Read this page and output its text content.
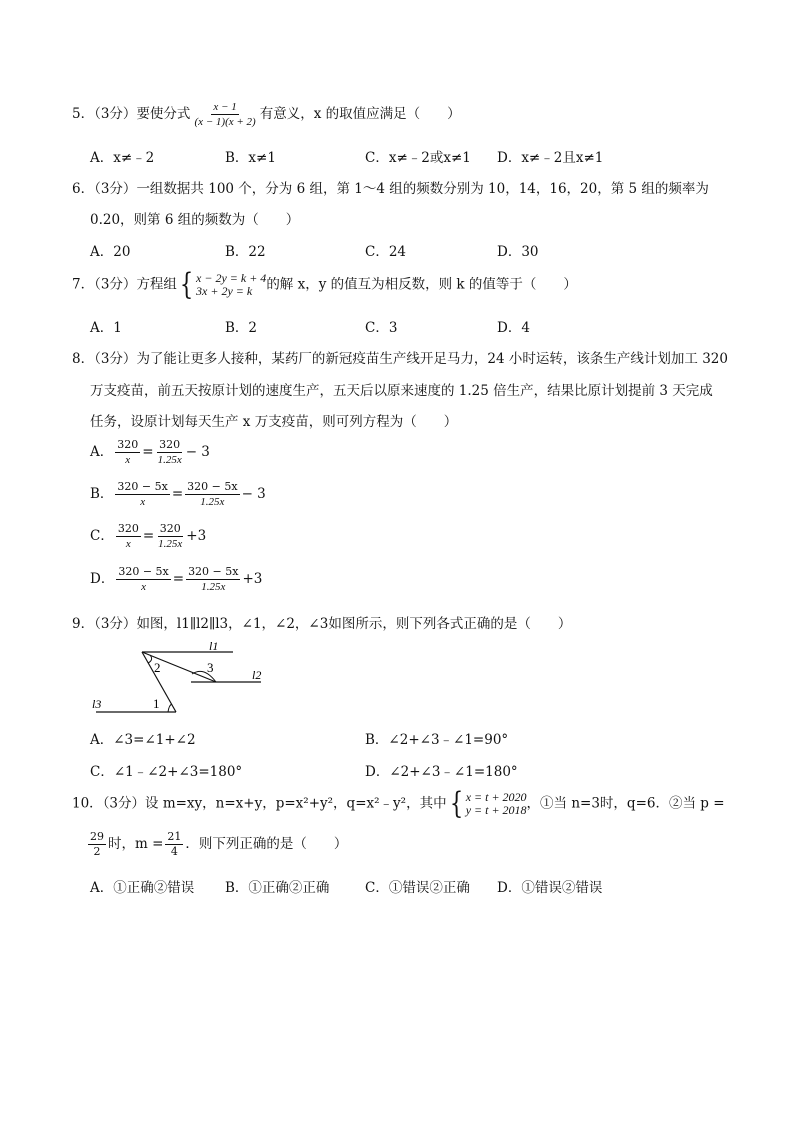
5．（3分）要使分式 $\frac{x - 1}{(x - 1)(x + 2)}$ 有意义，x 的取值应满足（　　）
A．x≠﹣2	B．x≠1	C．x≠﹣2或x≠1 D．x≠﹣2且x≠1
6．（3分）一组数据共 100 个，分为 6 组，第 1～4 组的频数分别为 10，14，16，20，第 5 组的频率为
0.20，则第 6 组的频数为（　　）
A．20	B．22	C．24	D．30
7．（3分）方程组 { x − 2y = k + 4
3x + 2y = k	的解 x，y 的值互为相反数，则 k 的值等于（　　）
A．1	B．2	C．3	D．4
8．（3分）为了能让更多人接种，某药厂的新冠疫苗生产线开足马力，24 小时运转，该条生产线计划加工 320
万支疫苗，前五天按原计划的速度生产，五天后以原来速度的 1.25 倍生产，结果比原计划提前 3 天完成
任务，设原计划每天生产 x 万支疫苗，则可列方程为（　　）
A． $\frac{320}{x} = \frac{320}{1.25x} - 3$
B． $\frac{320 - 5x}{x} = \frac{320 - 5x}{1.25x} - 3$
C． $\frac{320}{x} = \frac{320}{1.25x} +3$
D． $\frac{320 - 5x}{x} = \frac{320 - 5x}{1.25x} +3$
9．（3分）如图，l1∥l2∥l3，∠1，∠2，∠3如图所示，则下列各式正确的是（　　）
l1
l2
l3
2	3
1
A．∠3=∠1+∠2	B．∠2+∠3﹣∠1=90°
C．∠1﹣∠2+∠3=180°	D．∠2+∠3﹣∠1=180°
10．（3分）设 m=xy，n=x+y，p=x²+y²，q=x²﹣y²，其中 { x = t + 2020
y = t + 2018 ，①当 n=3时，q=6．②当 p =
$\frac{29}{2}$ 时，$m = \frac{21}{4}$ ．则下列正确的是（　　）
A．①正确②错误 B．①正确②正确	C．①错误②正确 D．①错误②错误
